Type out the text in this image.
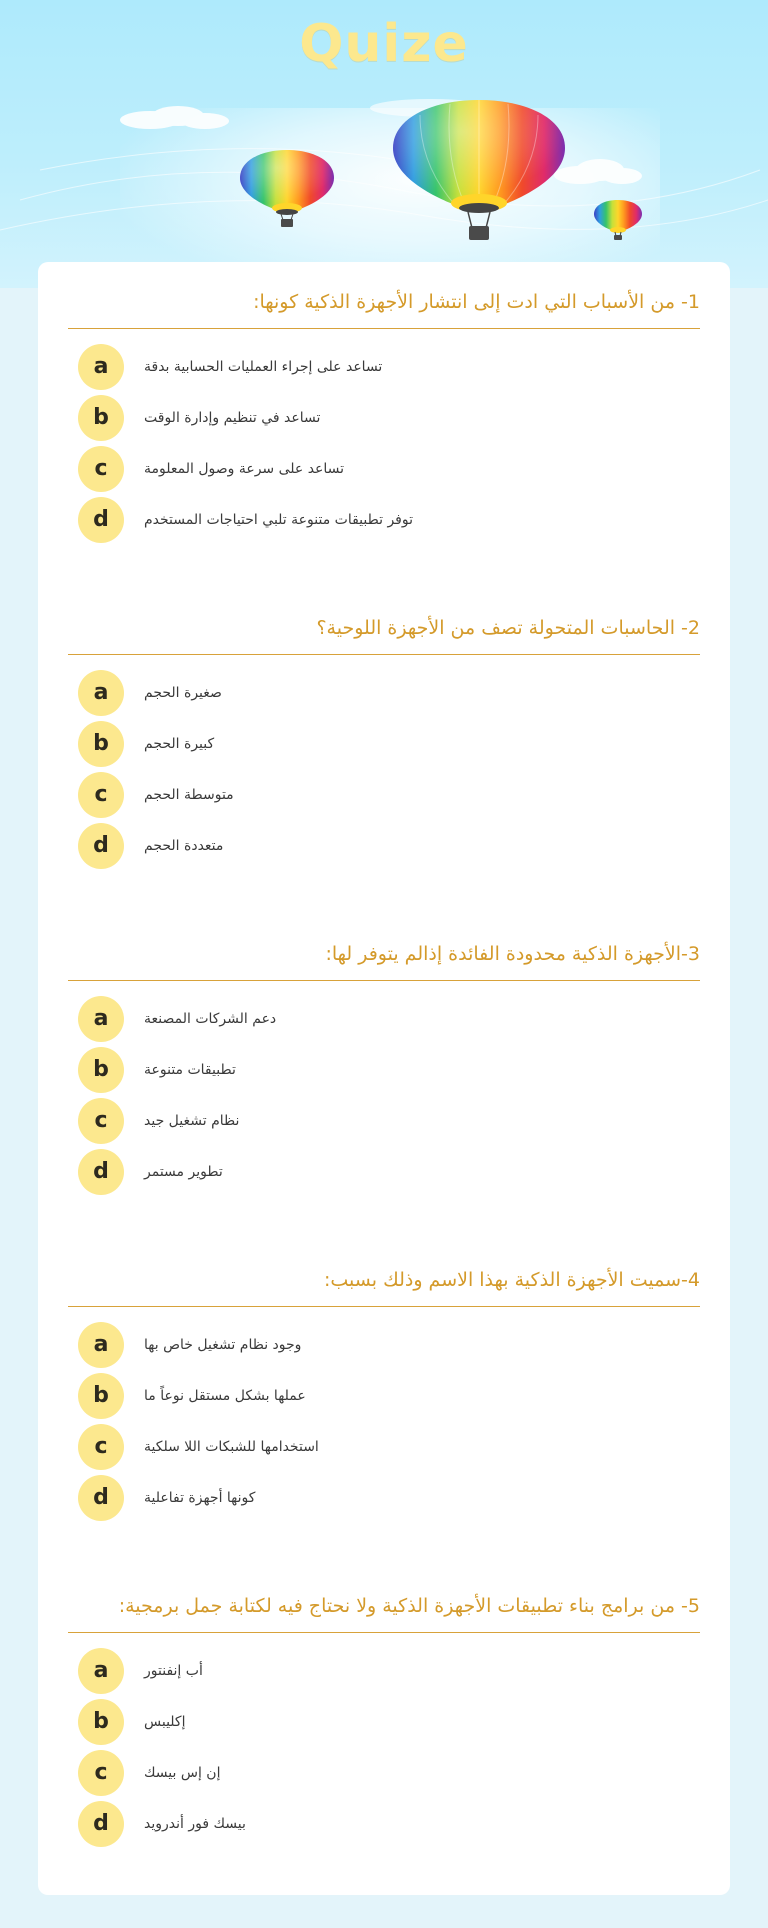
Quize
1- من الأسباب التي ادت إلى انتشار الأجهزة الذكية كونها:
a	تساعد على إجراء العمليات الحسابية بدقة
b	تساعد في تنظيم وإدارة الوقت
c	تساعد على سرعة وصول المعلومة
d	توفر تطبيقات متنوعة تلبي احتياجات المستخدم
2- الحاسبات المتحولة تصف من الأجهزة اللوحية؟
a	صغيرة الحجم
b	كبيرة الحجم
c	متوسطة الحجم
d	متعددة الحجم
3-الأجهزة الذكية محدودة الفائدة إذالم يتوفر لها:
a	دعم الشركات المصنعة
b	تطبيقات متنوعة
c	نظام تشغيل جيد
d	تطوير مستمر
4-سميت الأجهزة الذكية بهذا الاسم وذلك بسبب:
a	وجود نظام تشغيل خاص بها
b	عملها بشكل مستقل نوعاً ما
c	استخدامها للشبكات اللا سلكية
d	كونها أجهزة تفاعلية
5- من برامج بناء تطبيقات الأجهزة الذكية ولا نحتاج فيه لكتابة جمل برمجية:
a	أب إنفنتور
b	إكليبس
c	إن إس بيسك
d	بيسك فور أندرويد
